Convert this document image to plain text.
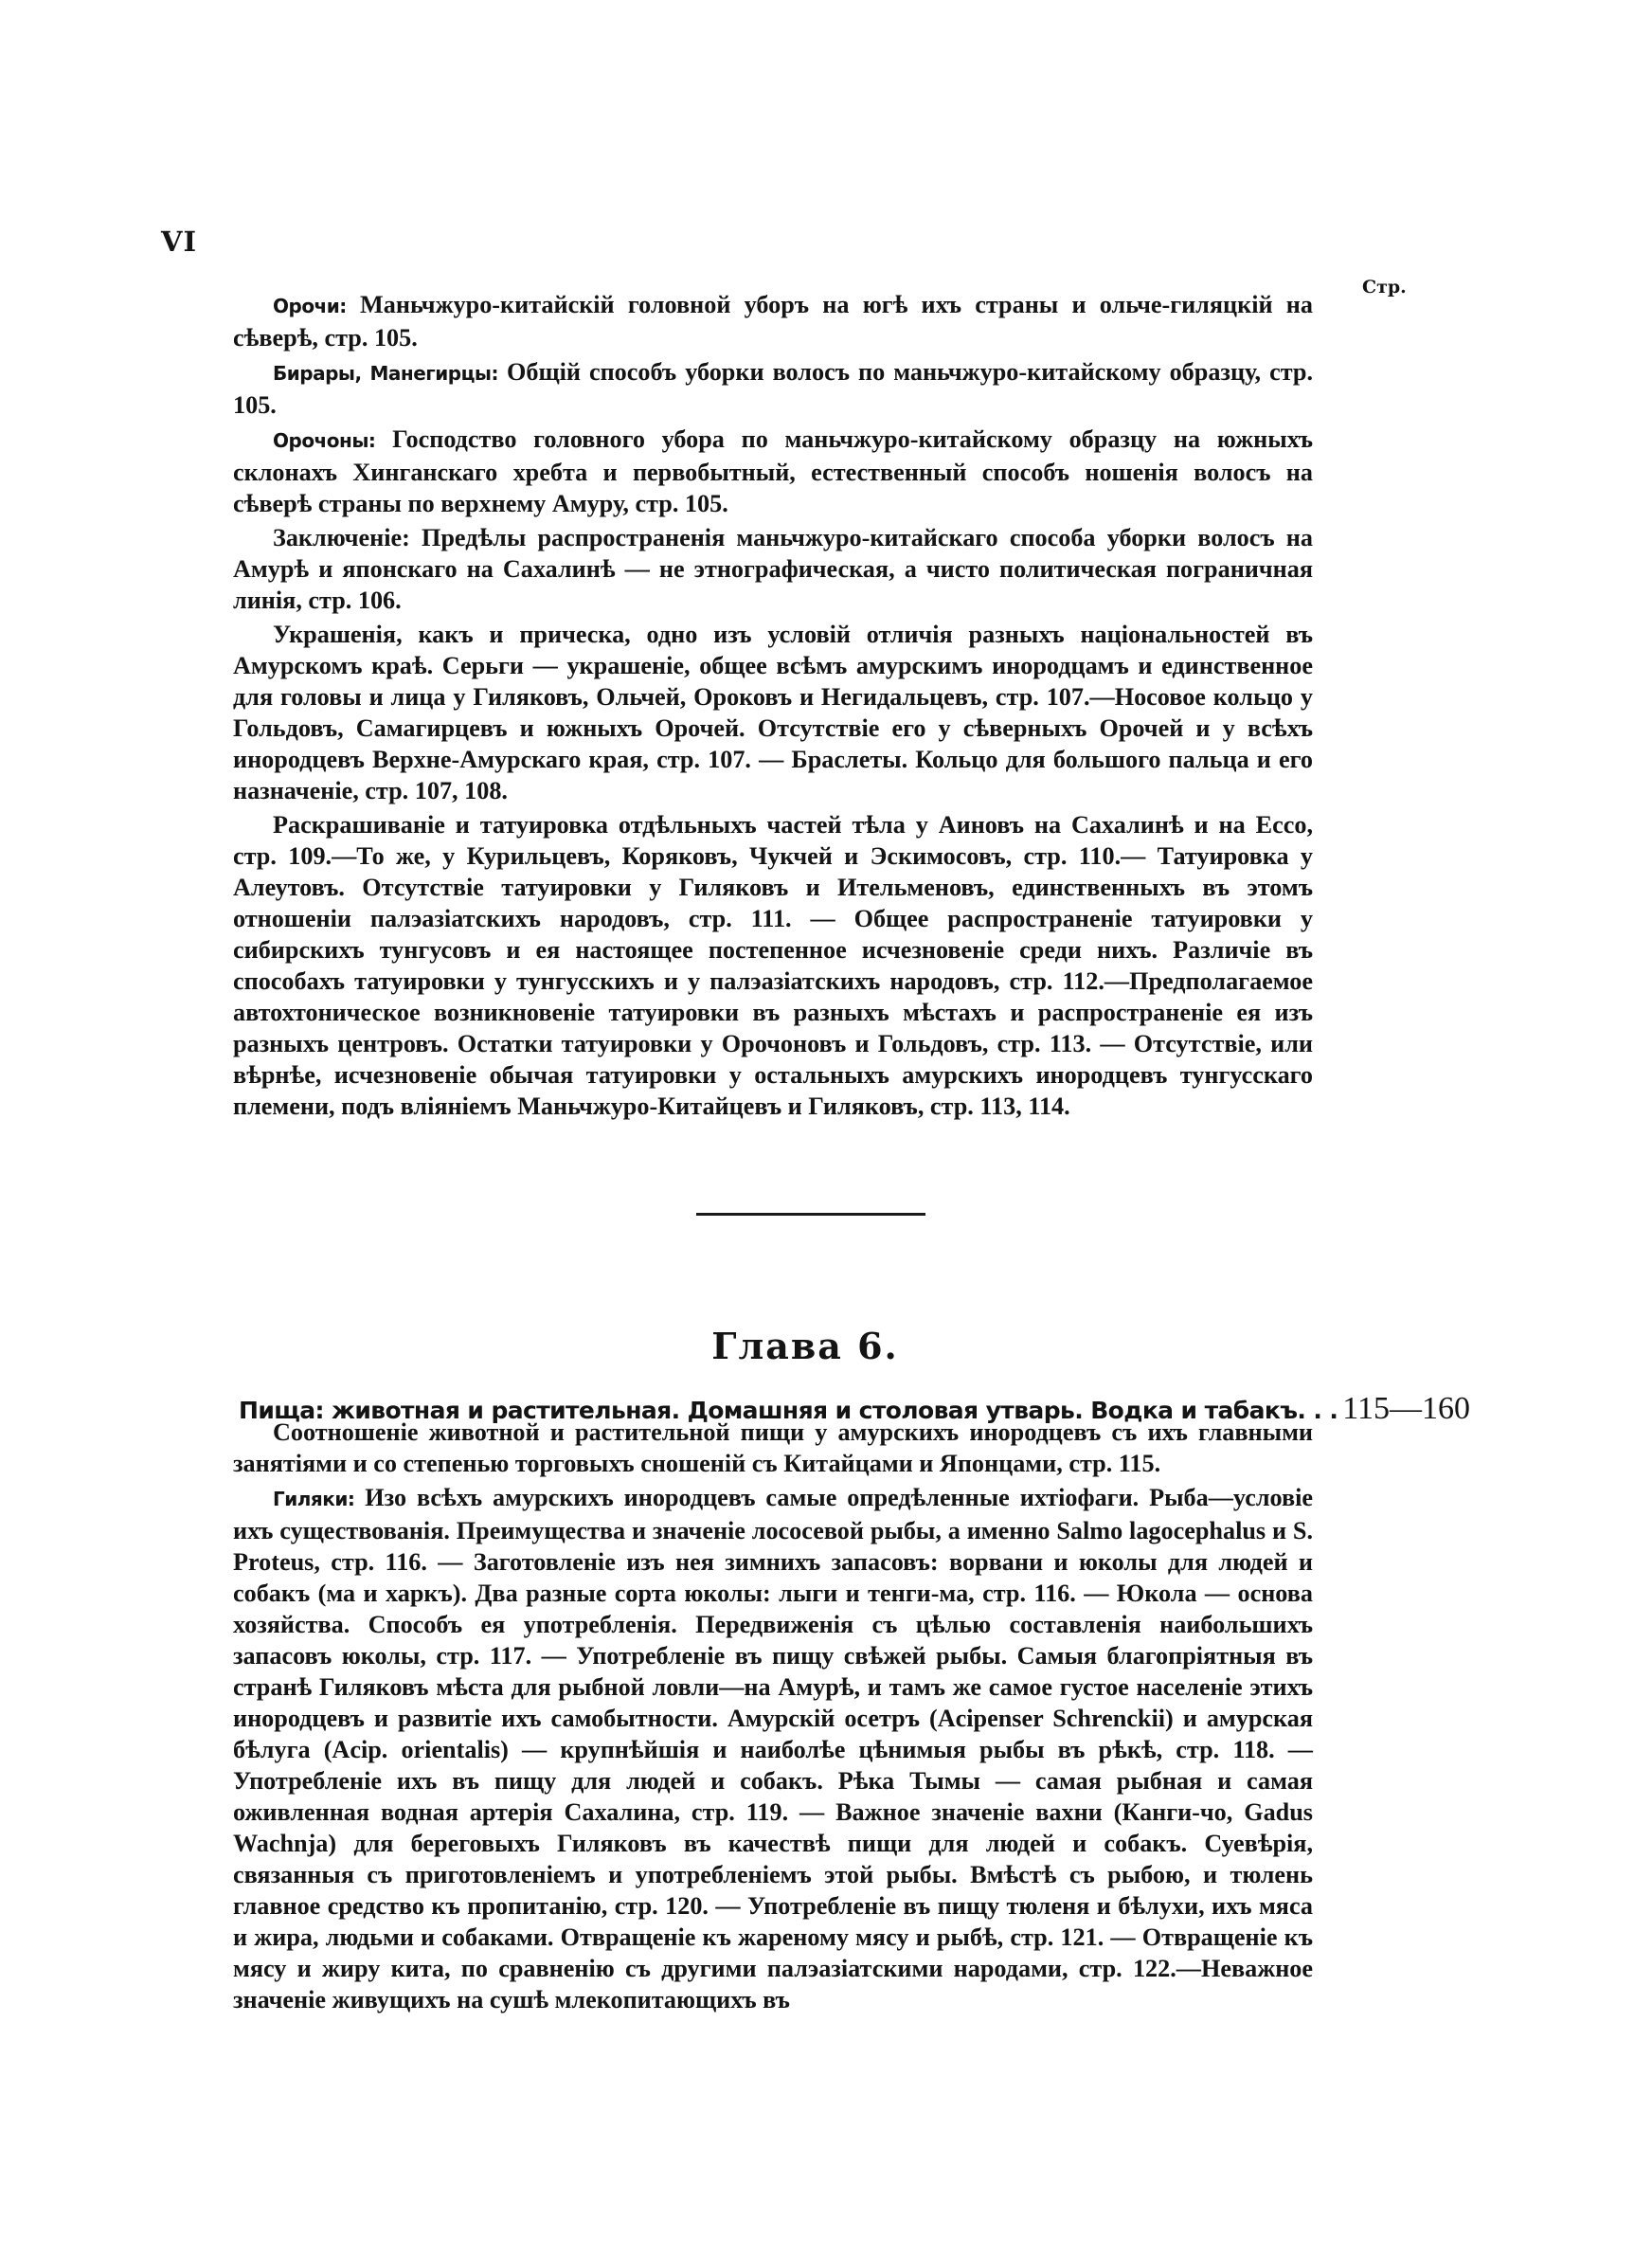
VI
Стр.

Орочи: Маньчжуро-китайскій головной уборъ на югѣ ихъ страны и ольче-гиляцкій на сѣверѣ, стр. 105.

Бирары, Манегирцы: Общій способъ уборки волосъ по маньчжуро-китайскому образцу, стр. 105.

Орочоны: Господство головного убора по маньчжуро-китайскому образцу на южныхъ склонахъ Хинганскаго хребта и первобытный, естественный способъ ношенія волосъ на сѣверѣ страны по верхнему Амуру, стр. 105.

Заключеніе: Предѣлы распространенія маньчжуро-китайскаго способа уборки волосъ на Амурѣ и японскаго на Сахалинѣ — не этнографическая, а чисто политическая пограничная линія, стр. 106.

Украшенія, какъ и прическа, одно изъ условій отличія разныхъ національностей въ Амурскомъ краѣ. Серьги — украшеніе, общее всѣмъ амурскимъ инородцамъ и единственное для головы и лица у Гиляковъ, Ольчей, Ороковъ и Негидальцевъ, стр. 107.—Носовое кольцо у Гольдовъ, Самагирцевъ и южныхъ Орочей. Отсутствіе его у сѣверныхъ Орочей и у всѣхъ инородцевъ Верхне-Амурскаго края, стр. 107. — Браслеты. Кольцо для большого пальца и его назначеніе, стр. 107, 108.

Раскрашиваніе и татуировка отдѣльныхъ частей тѣла у Аиновъ на Сахалинѣ и на Ессо, стр. 109.—То же, у Курильцевъ, Коряковъ, Чукчей и Эскимосовъ, стр. 110.— Татуировка у Алеутовъ. Отсутствіе татуировки у Гиляковъ и Ительменовъ, единственныхъ въ этомъ отношеніи палэазіатскихъ народовъ, стр. 111. — Общее распространеніе татуировки у сибирскихъ тунгусовъ и ея настоящее постепенное исчезновеніе среди нихъ. Различіе въ способахъ татуировки у тунгусскихъ и у палэазіатскихъ народовъ, стр. 112.—Предполагаемое автохтоническое возникновеніе татуировки въ разныхъ мѣстахъ и распространеніе ея изъ разныхъ центровъ. Остатки татуировки у Орочоновъ и Гольдовъ, стр. 113. — Отсутствіе, или вѣрнѣе, исчезновеніе обычая татуировки у остальныхъ амурскихъ инородцевъ тунгусскаго племени, подъ вліяніемъ Маньчжуро-Китайцевъ и Гиляковъ, стр. 113, 114.

Глава 6.
Пища: животная и растительная. Домашняя и столовая утварь. Водка и табакъ. . . 115—160

Соотношеніе животной и растительной пищи у амурскихъ инородцевъ съ ихъ главными занятіями и со степенью торговыхъ сношеній съ Китайцами и Японцами, стр. 115.

Гиляки: Изо всѣхъ амурскихъ инородцевъ самые опредѣленные ихтіофаги. Рыба—условіе ихъ существованія. Преимущества и значеніе лососевой рыбы, а именно Salmo lagocephalus и S. Proteus, стр. 116. — Заготовленіе изъ нея зимнихъ запасовъ: ворвани и юколы для людей и собакъ (ма и харкъ). Два разные сорта юколы: лыги и тенги-ма, стр. 116. — Юкола — основа хозяйства. Способъ ея употребленія. Передвиженія съ цѣлью составленія наибольшихъ запасовъ юколы, стр. 117. — Употребленіе въ пищу свѣжей рыбы. Самыя благопріятныя въ странѣ Гиляковъ мѣста для рыбной ловли—на Амурѣ, и тамъ же самое густое населеніе этихъ инородцевъ и развитіе ихъ самобытности. Амурскій осетръ (Acipenser Schrenckii) и амурская бѣлуга (Acip. orientalis) — крупнѣйшія и наиболѣе цѣнимыя рыбы въ рѣкѣ, стр. 118. — Употребленіе ихъ въ пищу для людей и собакъ. Рѣка Тымы — самая рыбная и самая оживленная водная артерія Сахалина, стр. 119. — Важное значеніе вахни (Канги-чо, Gadus Wachnja) для береговыхъ Гиляковъ въ качествѣ пищи для людей и собакъ. Суевѣрія, связанныя съ приготовленіемъ и употребленіемъ этой рыбы. Вмѣстѣ съ рыбою, и тюлень главное средство къ пропитанію, стр. 120. — Употребленіе въ пищу тюленя и бѣлухи, ихъ мяса и жира, людьми и собаками. Отвращеніе къ жареному мясу и рыбѣ, стр. 121. — Отвращеніе къ мясу и жиру кита, по сравненію съ другими палэазіатскими народами, стр. 122.—Неважное значеніе живущихъ на сушѣ млекопитающихъ въ
